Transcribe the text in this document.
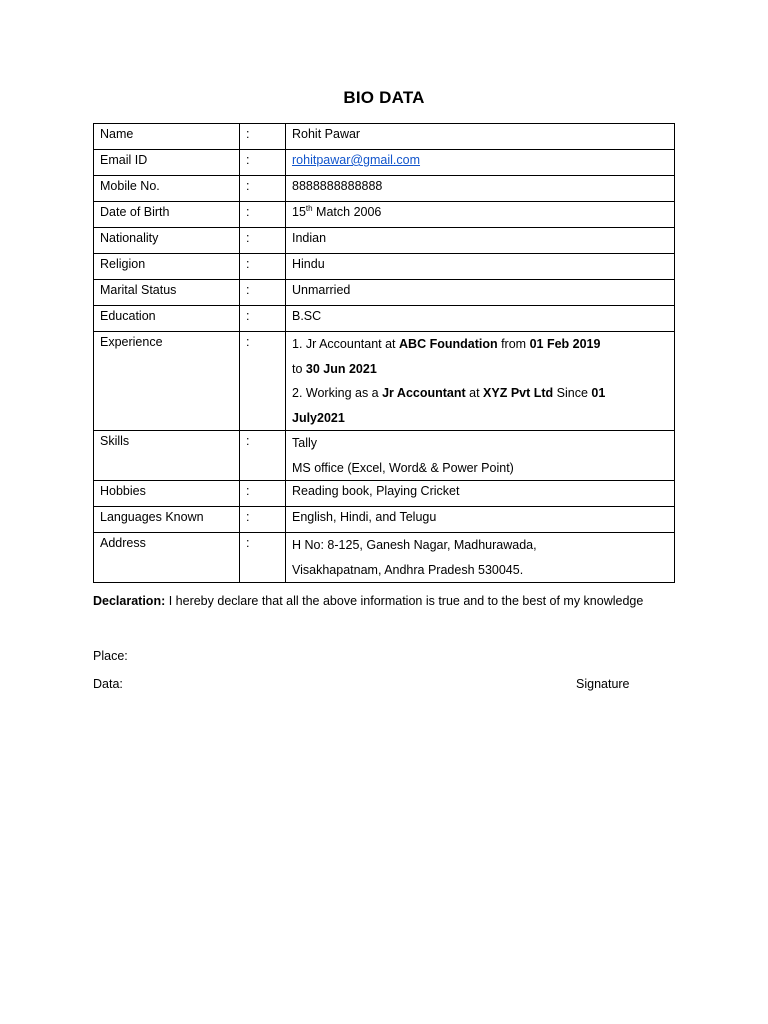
BIO DATA
Name	:	Rohit Pawar
Email ID	:	rohitpawar@gmail.com
Mobile No.	:	8888888888888
Date of Birth	:	15th Match 2006
Nationality	:	Indian
Religion	:	Hindu
Marital Status	:	Unmarried
Education	:	B.SC
Experience	:	1. Jr Accountant at ABC Foundation from 01 Feb 2019
to 30 Jun 2021
2. Working as a Jr Accountant at XYZ Pvt Ltd Since 01
July2021

Skills	:	Tally
MS office (Excel, Word& & Power Point)

Hobbies	:	Reading book, Playing Cricket
Languages Known	:	English, Hindi, and Telugu
Address	:	H No: 8-125, Ganesh Nagar, Madhurawada,
Visakhapatnam, Andhra Pradesh 530045.
Declaration: I hereby declare that all the above information is true and to the best of my knowledge
Place:
Data:	Signature
